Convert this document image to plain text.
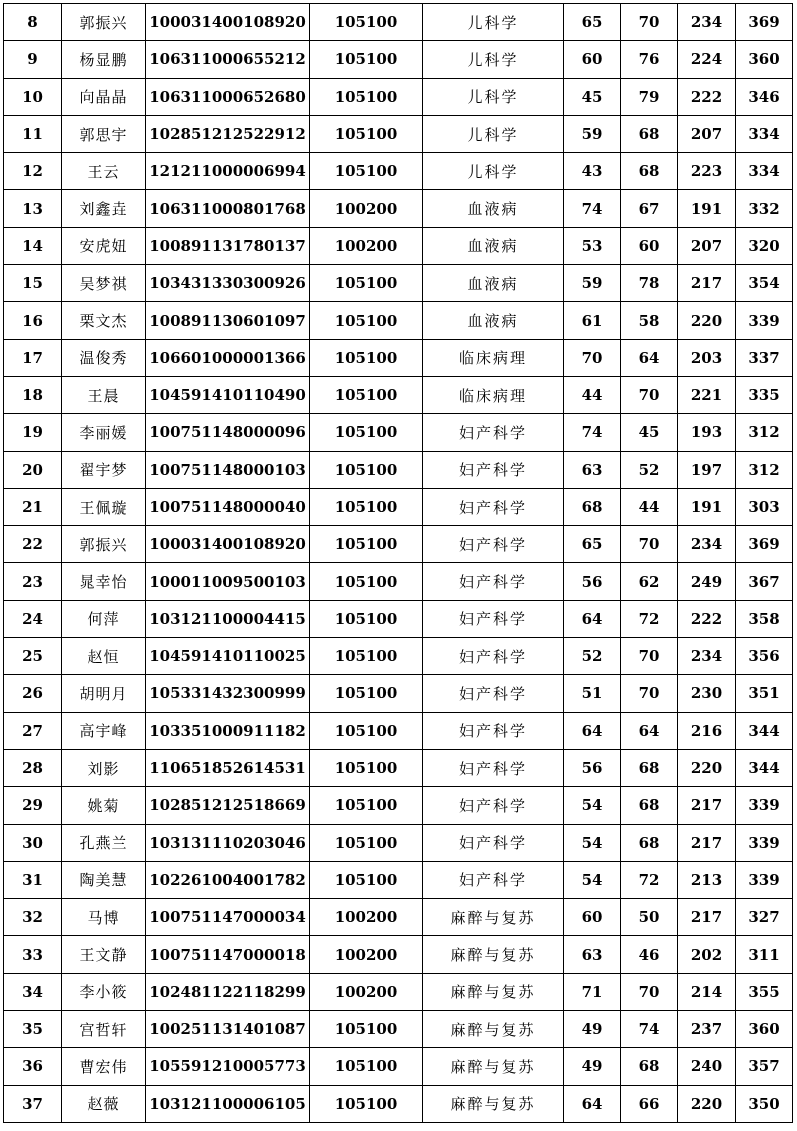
8	郭振兴	100031400108920	105100	儿科学	65	70	234	369
9	杨显鹏	106311000655212	105100	儿科学	60	76	224	360
10	向晶晶	106311000652680	105100	儿科学	45	79	222	346
11	郭思宇	102851212522912	105100	儿科学	59	68	207	334
12	王云	121211000006994	105100	儿科学	43	68	223	334
13	刘鑫垚	106311000801768	100200	血液病	74	67	191	332
14	安虎妞	100891131780137	100200	血液病	53	60	207	320
15	吴梦祺	103431330300926	105100	血液病	59	78	217	354
16	栗文杰	100891130601097	105100	血液病	61	58	220	339
17	温俊秀	106601000001366	105100	临床病理	70	64	203	337
18	王晨	104591410110490	105100	临床病理	44	70	221	335
19	李丽媛	100751148000096	105100	妇产科学	74	45	193	312
20	翟宇梦	100751148000103	105100	妇产科学	63	52	197	312
21	王佩璇	100751148000040	105100	妇产科学	68	44	191	303
22	郭振兴	100031400108920	105100	妇产科学	65	70	234	369
23	晁幸怡	100011009500103	105100	妇产科学	56	62	249	367
24	何萍	103121100004415	105100	妇产科学	64	72	222	358
25	赵恒	104591410110025	105100	妇产科学	52	70	234	356
26	胡明月	105331432300999	105100	妇产科学	51	70	230	351
27	高宇峰	103351000911182	105100	妇产科学	64	64	216	344
28	刘影	110651852614531	105100	妇产科学	56	68	220	344
29	姚菊	102851212518669	105100	妇产科学	54	68	217	339
30	孔燕兰	103131110203046	105100	妇产科学	54	68	217	339
31	陶美慧	102261004001782	105100	妇产科学	54	72	213	339
32	马博	100751147000034	100200	麻醉与复苏	60	50	217	327
33	王文静	100751147000018	100200	麻醉与复苏	63	46	202	311
34	李小筱	102481122118299	100200	麻醉与复苏	71	70	214	355
35	宫哲轩	100251131401087	105100	麻醉与复苏	49	74	237	360
36	曹宏伟	105591210005773	105100	麻醉与复苏	49	68	240	357
37	赵薇	103121100006105	105100	麻醉与复苏	64	66	220	350
